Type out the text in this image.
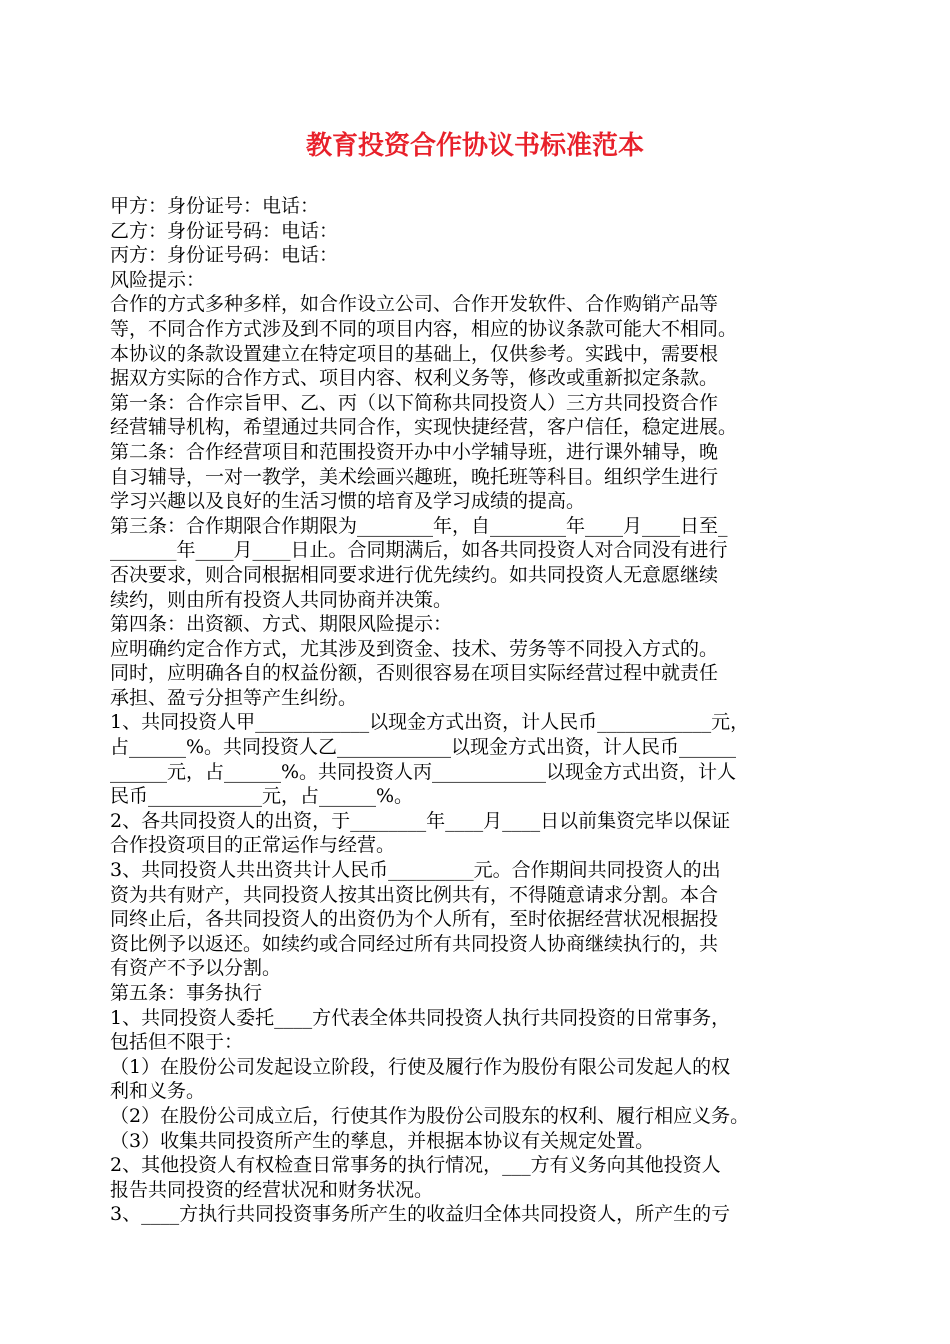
教育投资合作协议书标准范本
甲方：身份证号：电话：
乙方：身份证号码：电话：
丙方：身份证号码：电话：
风险提示：
合作的方式多种多样，如合作设立公司、合作开发软件、合作购销产品等
等，不同合作方式涉及到不同的项目内容，相应的协议条款可能大不相同。
本协议的条款设置建立在特定项目的基础上，仅供参考。实践中，需要根
据双方实际的合作方式、项目内容、权利义务等，修改或重新拟定条款。
第一条：合作宗旨甲、乙、丙（以下简称共同投资人）三方共同投资合作
经营辅导机构，希望通过共同合作，实现快捷经营，客户信任，稳定进展。
第二条：合作经营项目和范围投资开办中小学辅导班，进行课外辅导，晚
自习辅导，一对一教学，美术绘画兴趣班，晚托班等科目。组织学生进行
学习兴趣以及良好的生活习惯的培育及学习成绩的提高。
第三条：合作期限合作期限为________年，自________年____月____日至_
_______年____月____日止。合同期满后，如各共同投资人对合同没有进行
否决要求，则合同根据相同要求进行优先续约。如共同投资人无意愿继续
续约，则由所有投资人共同协商并决策。
第四条：出资额、方式、期限风险提示：
应明确约定合作方式，尤其涉及到资金、技术、劳务等不同投入方式的。
同时，应明确各自的权益份额，否则很容易在项目实际经营过程中就责任
承担、盈亏分担等产生纠纷。
1、共同投资人甲____________以现金方式出资，计人民币____________元，
占______%。共同投资人乙____________以现金方式出资，计人民币______
______元，占______%。共同投资人丙____________以现金方式出资，计人
民币____________元，占______%。
2、各共同投资人的出资，于________年____月____日以前集资完毕以保证
合作投资项目的正常运作与经营。
3、共同投资人共出资共计人民币_________元。合作期间共同投资人的出
资为共有财产，共同投资人按其出资比例共有，不得随意请求分割。本合
同终止后，各共同投资人的出资仍为个人所有，至时依据经营状况根据投
资比例予以返还。如续约或合同经过所有共同投资人协商继续执行的，共
有资产不予以分割。
第五条：事务执行
1、共同投资人委托____方代表全体共同投资人执行共同投资的日常事务，
包括但不限于：
（1）在股份公司发起设立阶段，行使及履行作为股份有限公司发起人的权
利和义务。
（2）在股份公司成立后，行使其作为股份公司股东的权利、履行相应义务。
（3）收集共同投资所产生的孳息，并根据本协议有关规定处置。
2、其他投资人有权检查日常事务的执行情况，___方有义务向其他投资人
报告共同投资的经营状况和财务状况。
3、____方执行共同投资事务所产生的收益归全体共同投资人，所产生的亏
